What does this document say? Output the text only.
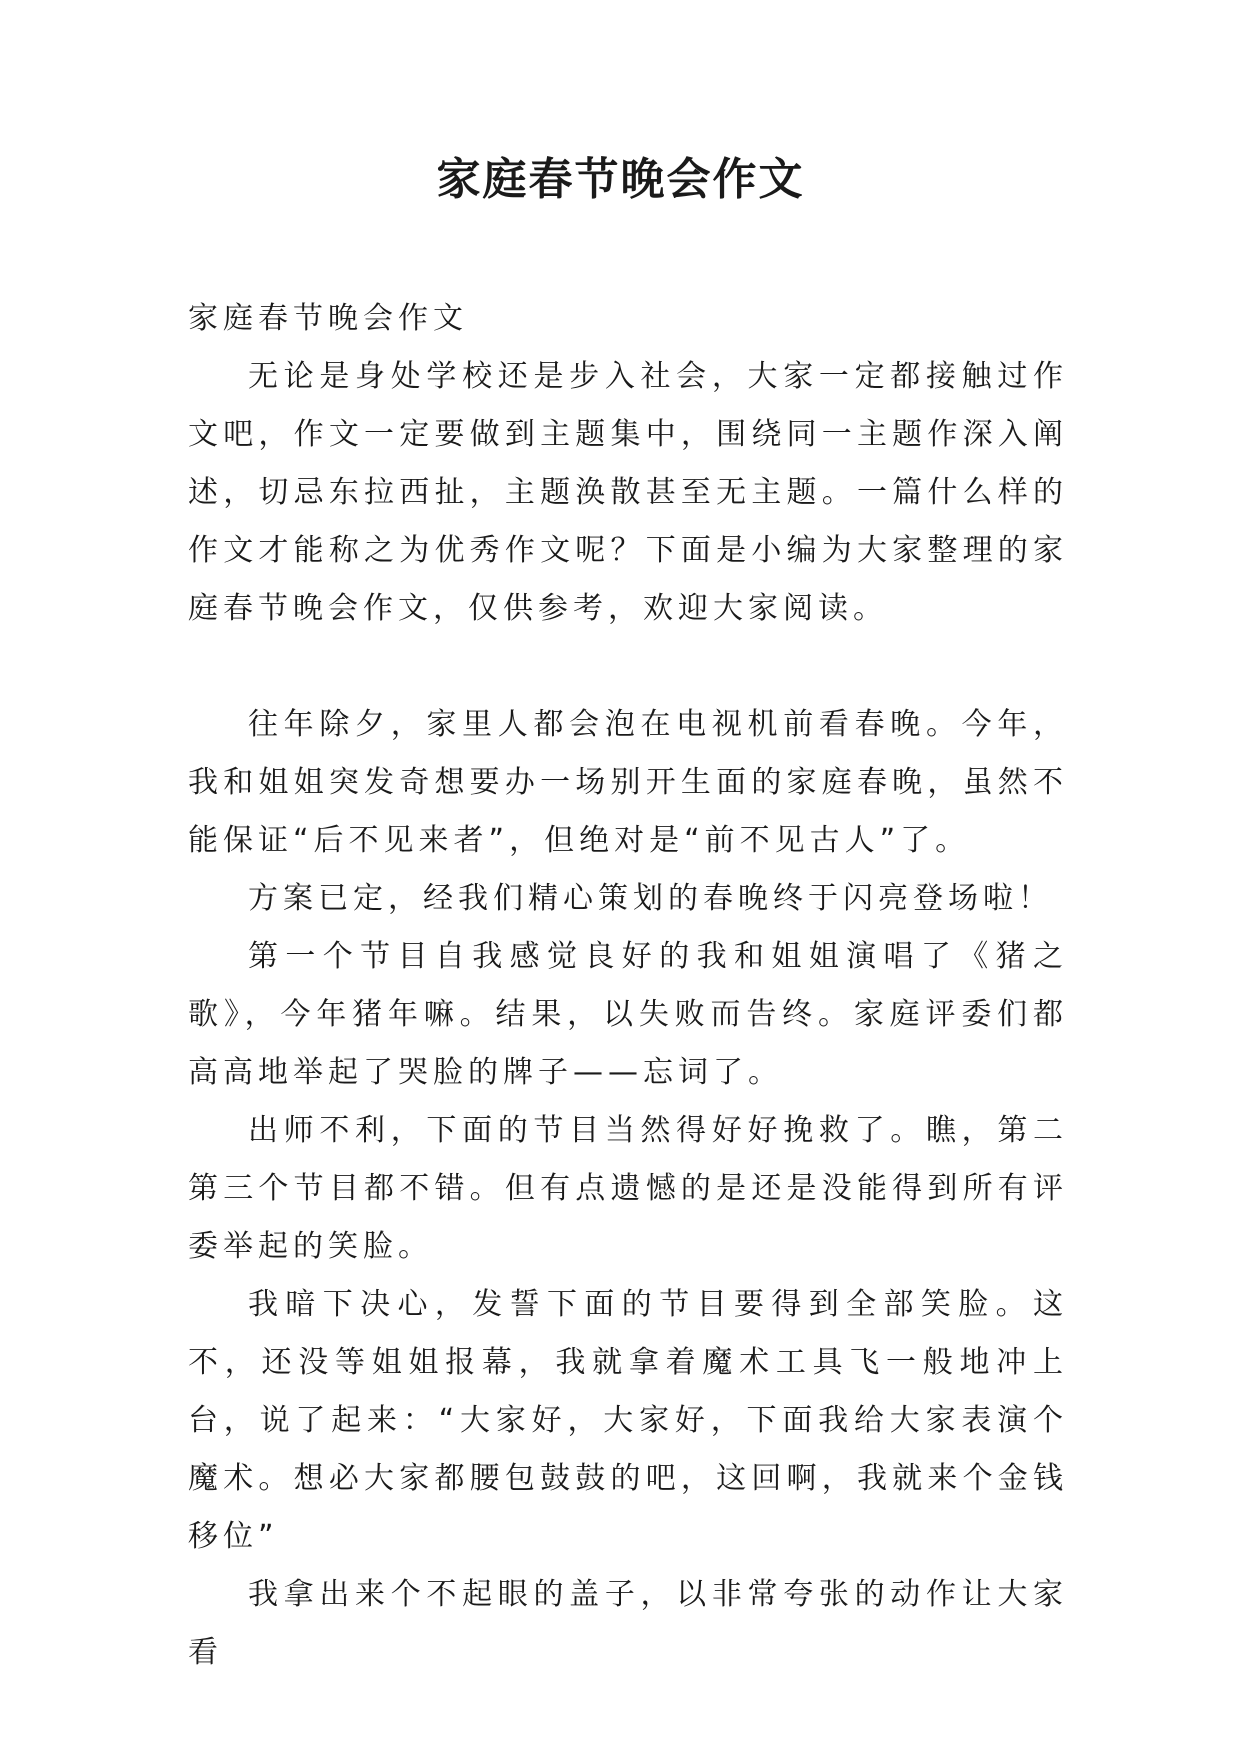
家庭春节晚会作文

家庭春节晚会作文

无论是身处学校还是步入社会，大家一定都接触过作文吧，作文一定要做到主题集中，围绕同一主题作深入阐述，切忌东拉西扯，主题涣散甚至无主题。一篇什么样的作文才能称之为优秀作文呢？下面是小编为大家整理的家庭春节晚会作文，仅供参考，欢迎大家阅读。

往年除夕，家里人都会泡在电视机前看春晚。今年，我和姐姐突发奇想要办一场别开生面的家庭春晚，虽然不能保证“后不见来者”，但绝对是“前不见古人”了。

方案已定，经我们精心策划的春晚终于闪亮登场啦！

第一个节目自我感觉良好的我和姐姐演唱了《猪之歌》，今年猪年嘛。结果，以失败而告终。家庭评委们都高高地举起了哭脸的牌子——忘词了。

出师不利，下面的节目当然得好好挽救了。瞧，第二第三个节目都不错。但有点遗憾的是还是没能得到所有评委举起的笑脸。

我暗下决心，发誓下面的节目要得到全部笑脸。这不，还没等姐姐报幕，我就拿着魔术工具飞一般地冲上台，说了起来：“大家好，大家好，下面我给大家表演个魔术。想必大家都腰包鼓鼓的吧，这回啊，我就来个金钱移位”

我拿出来个不起眼的盖子，以非常夸张的动作让大家看
